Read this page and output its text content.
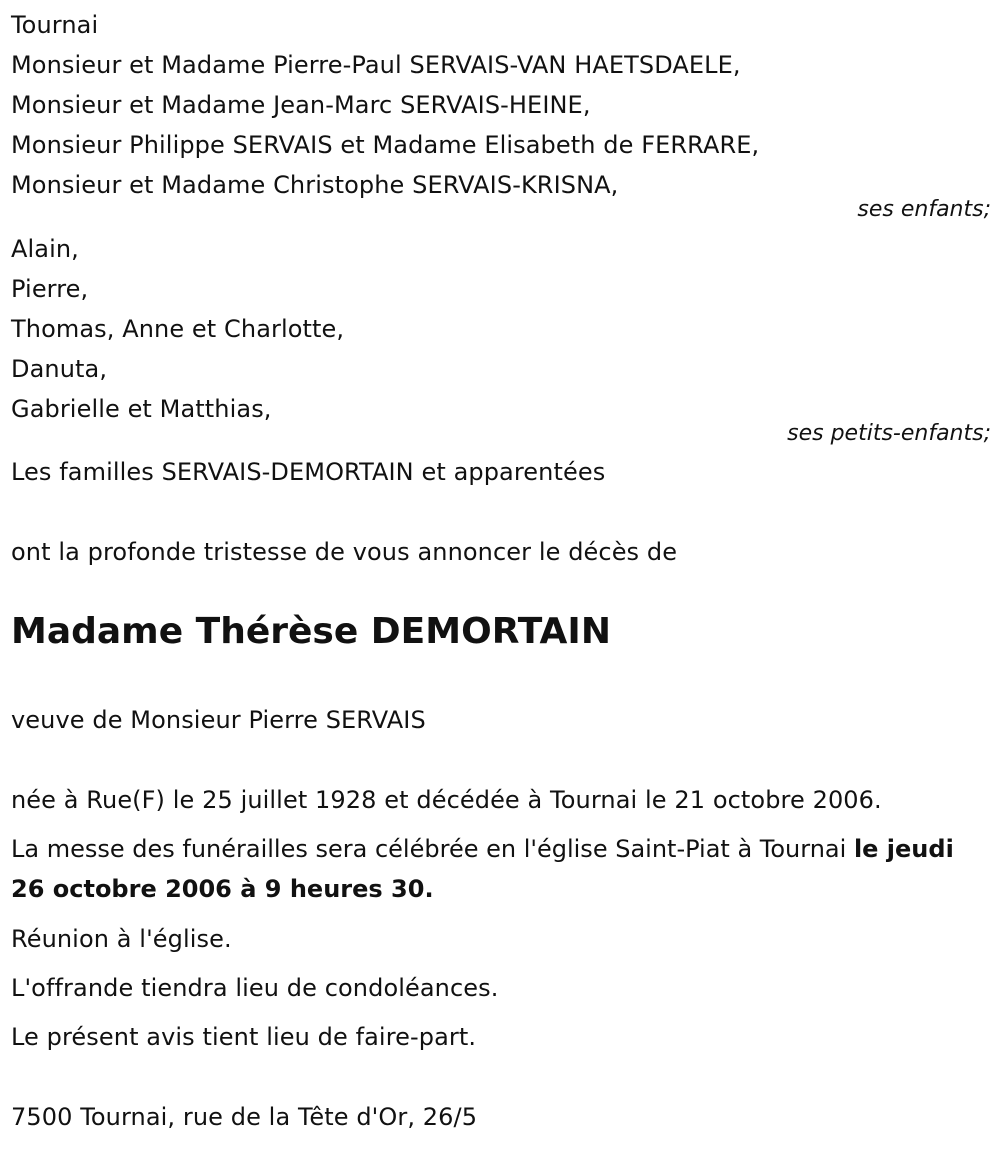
Tournai
Monsieur et Madame Pierre-Paul SERVAIS-VAN HAETSDAELE,
Monsieur et Madame Jean-Marc SERVAIS-HEINE,
Monsieur Philippe SERVAIS et Madame Elisabeth de FERRARE,
Monsieur et Madame Christophe SERVAIS-KRISNA,
ses enfants;
Alain,
Pierre,
Thomas, Anne et Charlotte,
Danuta,
Gabrielle et Matthias,
ses petits-enfants;
Les familles SERVAIS-DEMORTAIN et apparentées
ont la profonde tristesse de vous annoncer le décès de
Madame Thérèse DEMORTAIN
veuve de Monsieur Pierre SERVAIS
née à Rue(F) le 25 juillet 1928 et décédée à Tournai le 21 octobre 2006.
La messe des funérailles sera célébrée en l'église Saint-Piat à Tournai le jeudi 26 octobre 2006 à 9 heures 30.
Réunion à l'église.
L'offrande tiendra lieu de condoléances.
Le présent avis tient lieu de faire-part.
7500 Tournai, rue de la Tête d'Or, 26/5
